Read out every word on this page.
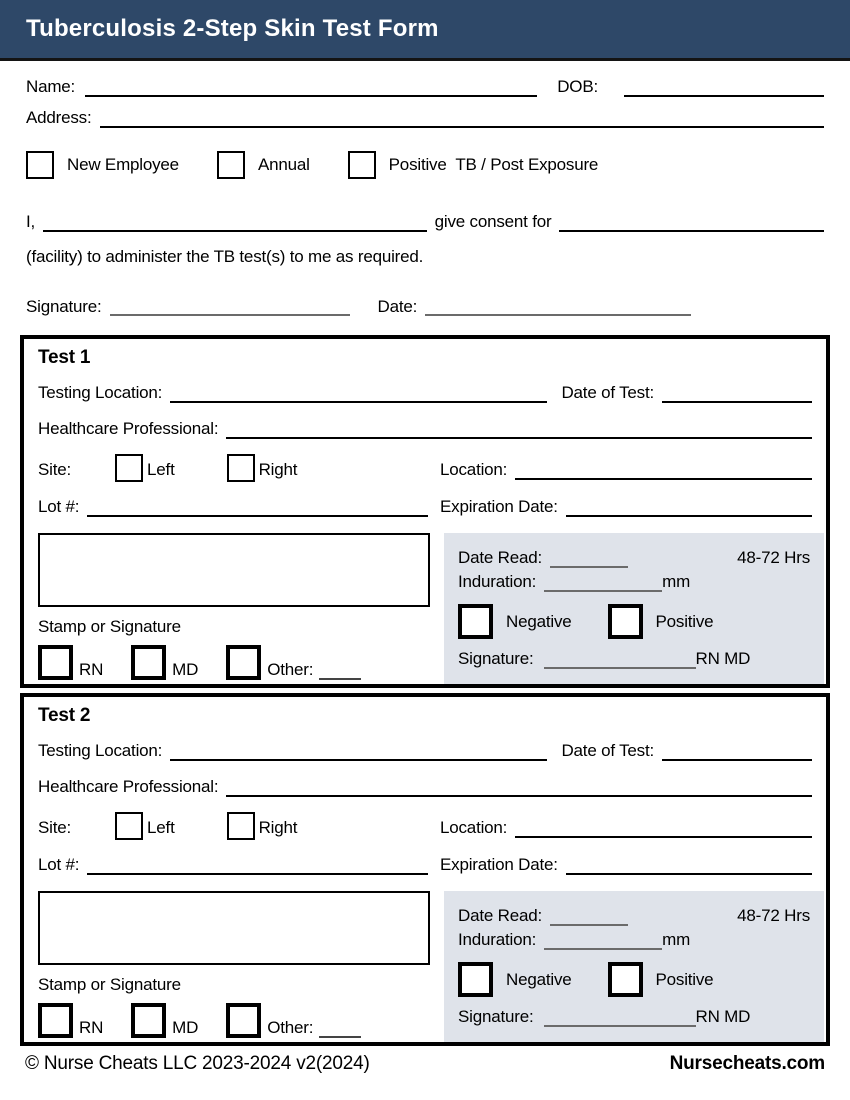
Tuberculosis 2-Step Skin Test Form
Name:	DOB:
Address:
New Employee	Annual	Positive  TB / Post Exposure
I,	give consent for

(facility) to administer the TB test(s) to me as required.

Signature:	Date:
Test 1
Testing Location:	Date of Test:
Healthcare Professional:
Site:	Left	Right	Location:
Lot #:	Expiration Date:
Stamp or Signature
RN	MD	Other:
Date Read:	48-72 Hrs
Induration:	mm
Negative	Positive
Signature:	RN MD
Test 2
Testing Location:	Date of Test:
Healthcare Professional:
Site:	Left	Right	Location:
Lot #:	Expiration Date:
Stamp or Signature
RN	MD	Other:
Date Read:	48-72 Hrs
Induration:	mm
Negative	Positive
Signature:	RN MD
© Nurse Cheats LLC 2023-2024 v2(2024)	Nursecheats.com
